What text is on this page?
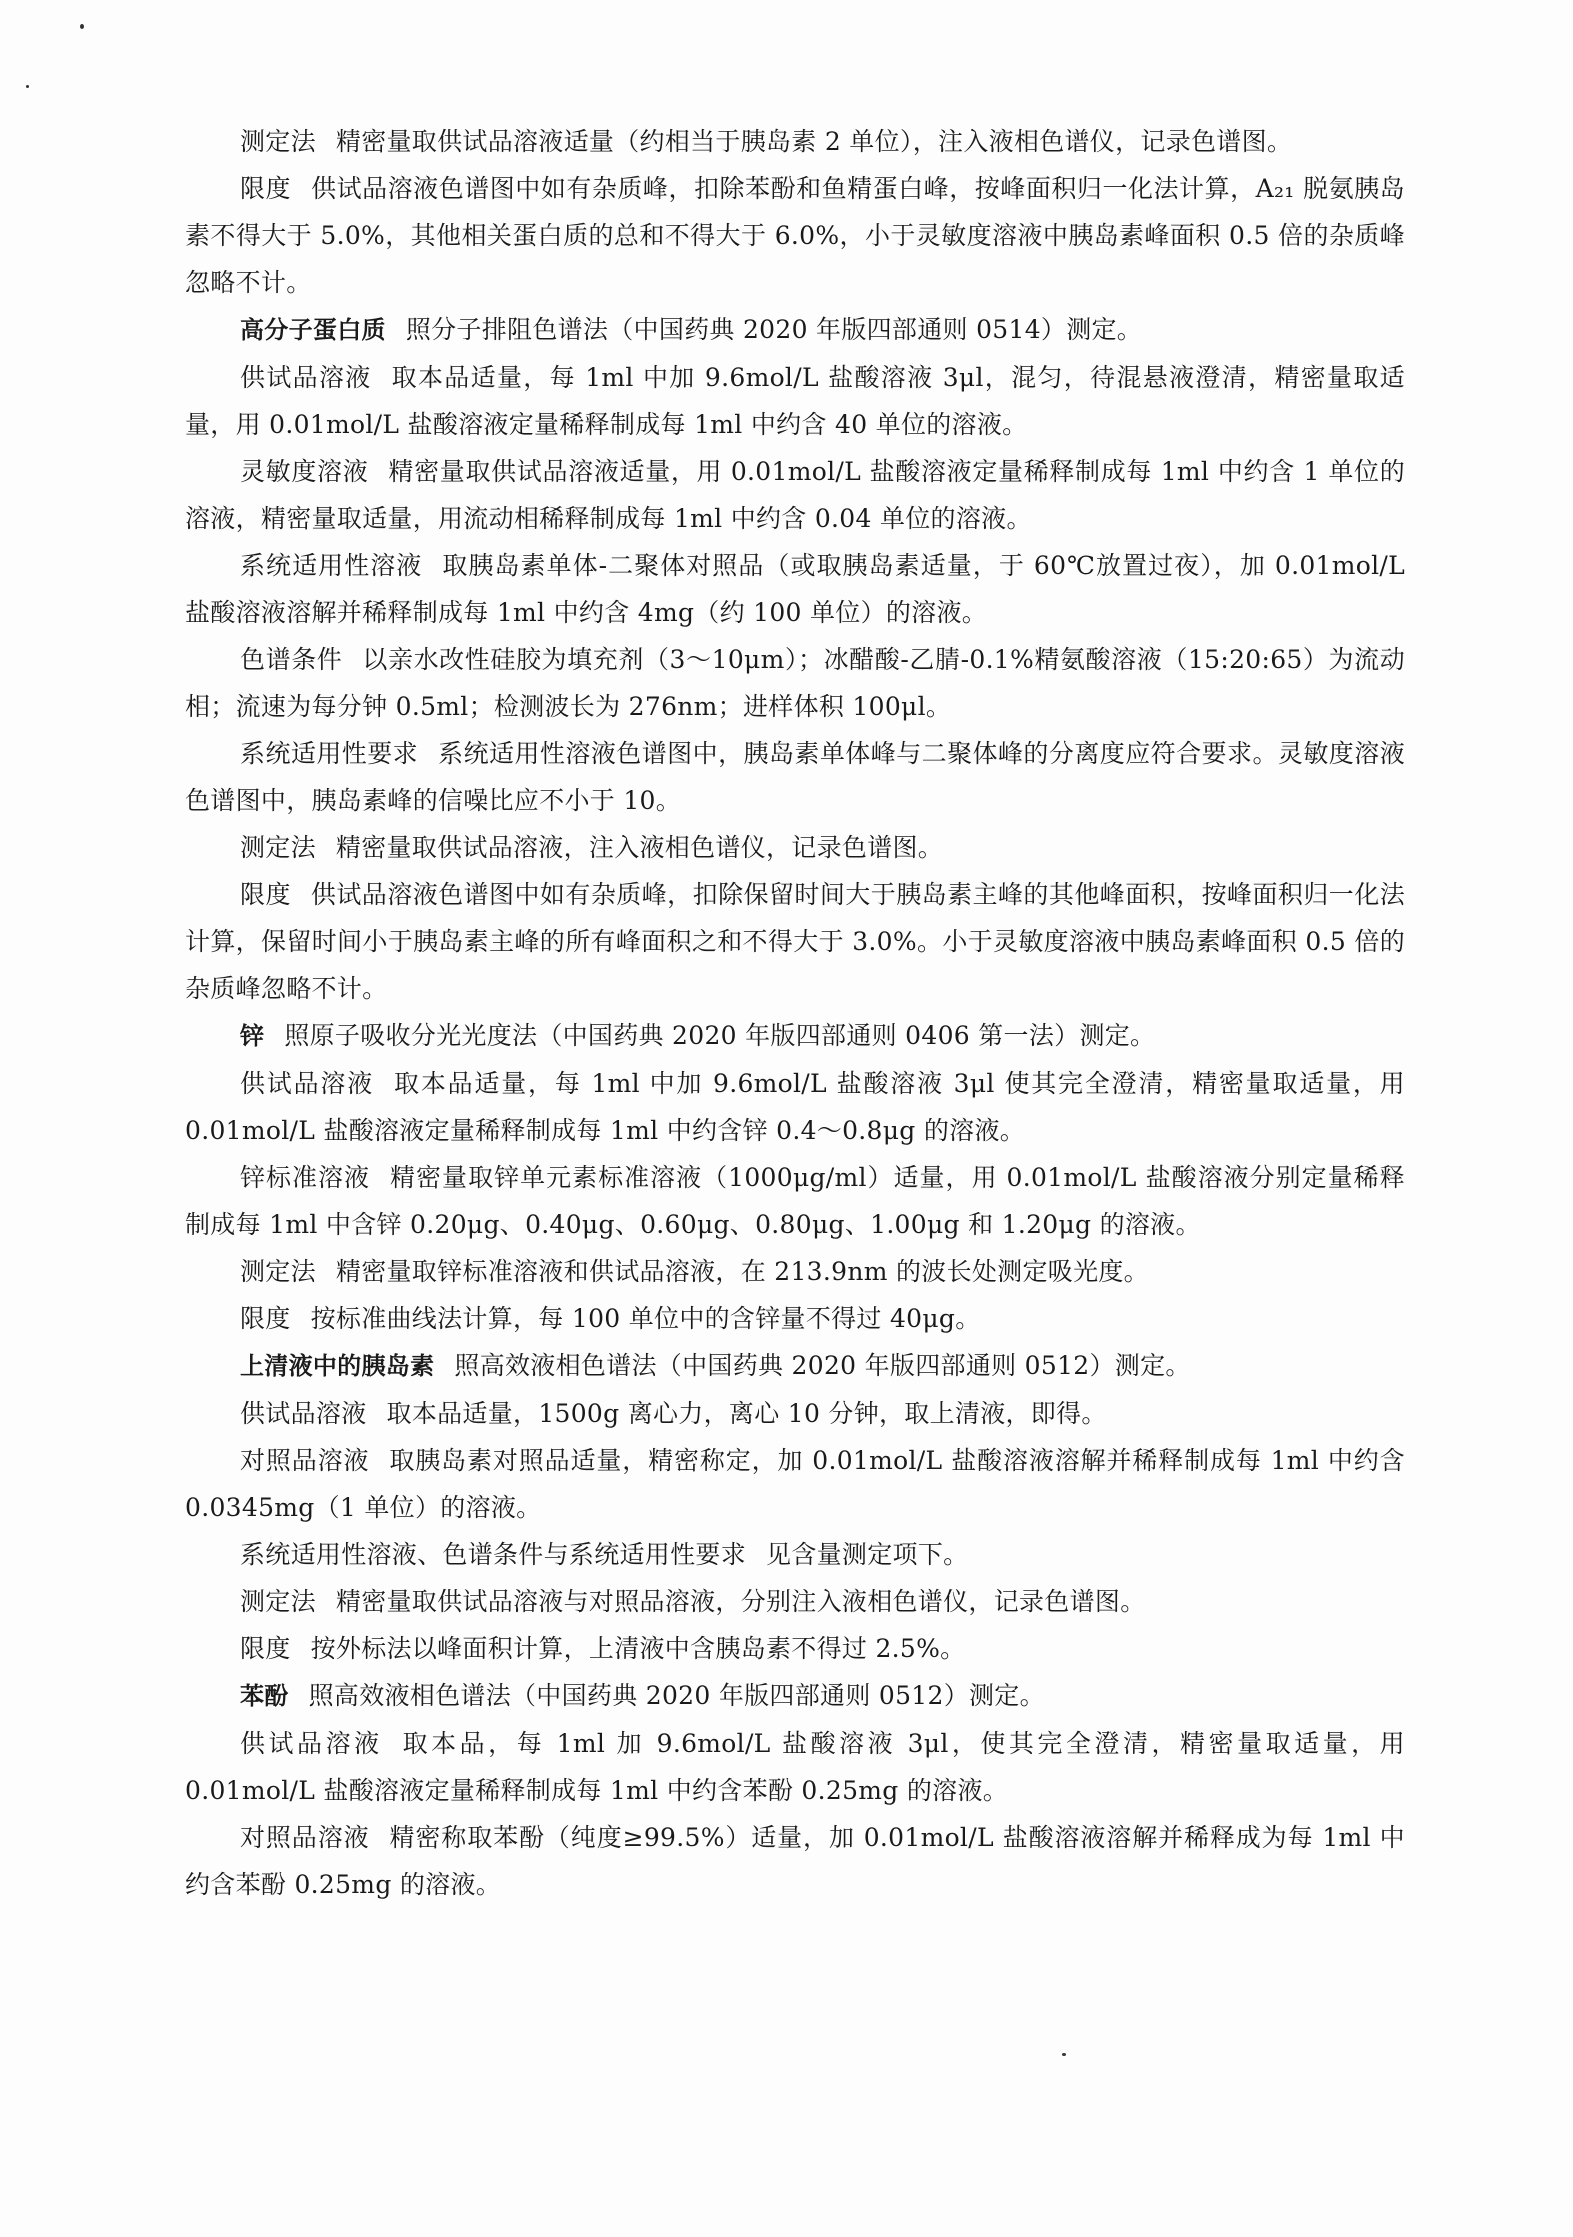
测定法 精密量取供试品溶液适量（约相当于胰岛素 2 单位），注入液相色谱仪，记录色谱图。

限度 供试品溶液色谱图中如有杂质峰，扣除苯酚和鱼精蛋白峰，按峰面积归一化法计算，A₂₁ 脱氨胰岛素不得大于 5.0%，其他相关蛋白质的总和不得大于 6.0%，小于灵敏度溶液中胰岛素峰面积 0.5 倍的杂质峰忽略不计。

高分子蛋白质 照分子排阻色谱法（中国药典 2020 年版四部通则 0514）测定。

供试品溶液 取本品适量，每 1ml 中加 9.6mol/L 盐酸溶液 3μl，混匀，待混悬液澄清，精密量取适量，用 0.01mol/L 盐酸溶液定量稀释制成每 1ml 中约含 40 单位的溶液。

灵敏度溶液 精密量取供试品溶液适量，用 0.01mol/L 盐酸溶液定量稀释制成每 1ml 中约含 1 单位的溶液，精密量取适量，用流动相稀释制成每 1ml 中约含 0.04 单位的溶液。

系统适用性溶液 取胰岛素单体-二聚体对照品（或取胰岛素适量，于 60℃放置过夜），加 0.01mol/L 盐酸溶液溶解并稀释制成每 1ml 中约含 4mg（约 100 单位）的溶液。

色谱条件 以亲水改性硅胶为填充剂（3～10μm）；冰醋酸-乙腈-0.1%精氨酸溶液（15:20:65）为流动相；流速为每分钟 0.5ml；检测波长为 276nm；进样体积 100μl。

系统适用性要求 系统适用性溶液色谱图中，胰岛素单体峰与二聚体峰的分离度应符合要求。灵敏度溶液色谱图中，胰岛素峰的信噪比应不小于 10。

测定法 精密量取供试品溶液，注入液相色谱仪，记录色谱图。

限度 供试品溶液色谱图中如有杂质峰，扣除保留时间大于胰岛素主峰的其他峰面积，按峰面积归一化法计算，保留时间小于胰岛素主峰的所有峰面积之和不得大于 3.0%。小于灵敏度溶液中胰岛素峰面积 0.5 倍的杂质峰忽略不计。

锌 照原子吸收分光光度法（中国药典 2020 年版四部通则 0406 第一法）测定。

供试品溶液 取本品适量，每 1ml 中加 9.6mol/L 盐酸溶液 3μl 使其完全澄清，精密量取适量，用 0.01mol/L 盐酸溶液定量稀释制成每 1ml 中约含锌 0.4～0.8μg 的溶液。

锌标准溶液 精密量取锌单元素标准溶液（1000μg/ml）适量，用 0.01mol/L 盐酸溶液分别定量稀释制成每 1ml 中含锌 0.20μg、0.40μg、0.60μg、0.80μg、1.00μg 和 1.20μg 的溶液。

测定法 精密量取锌标准溶液和供试品溶液，在 213.9nm 的波长处测定吸光度。

限度 按标准曲线法计算，每 100 单位中的含锌量不得过 40μg。

上清液中的胰岛素 照高效液相色谱法（中国药典 2020 年版四部通则 0512）测定。

供试品溶液 取本品适量，1500g 离心力，离心 10 分钟，取上清液，即得。

对照品溶液 取胰岛素对照品适量，精密称定，加 0.01mol/L 盐酸溶液溶解并稀释制成每 1ml 中约含 0.0345mg（1 单位）的溶液。

系统适用性溶液、色谱条件与系统适用性要求 见含量测定项下。

测定法 精密量取供试品溶液与对照品溶液，分别注入液相色谱仪，记录色谱图。

限度 按外标法以峰面积计算，上清液中含胰岛素不得过 2.5%。

苯酚 照高效液相色谱法（中国药典 2020 年版四部通则 0512）测定。

供试品溶液 取本品，每 1ml 加 9.6mol/L 盐酸溶液 3μl，使其完全澄清，精密量取适量，用 0.01mol/L 盐酸溶液定量稀释制成每 1ml 中约含苯酚 0.25mg 的溶液。

对照品溶液 精密称取苯酚（纯度≥99.5%）适量，加 0.01mol/L 盐酸溶液溶解并稀释成为每 1ml 中约含苯酚 0.25mg 的溶液。
